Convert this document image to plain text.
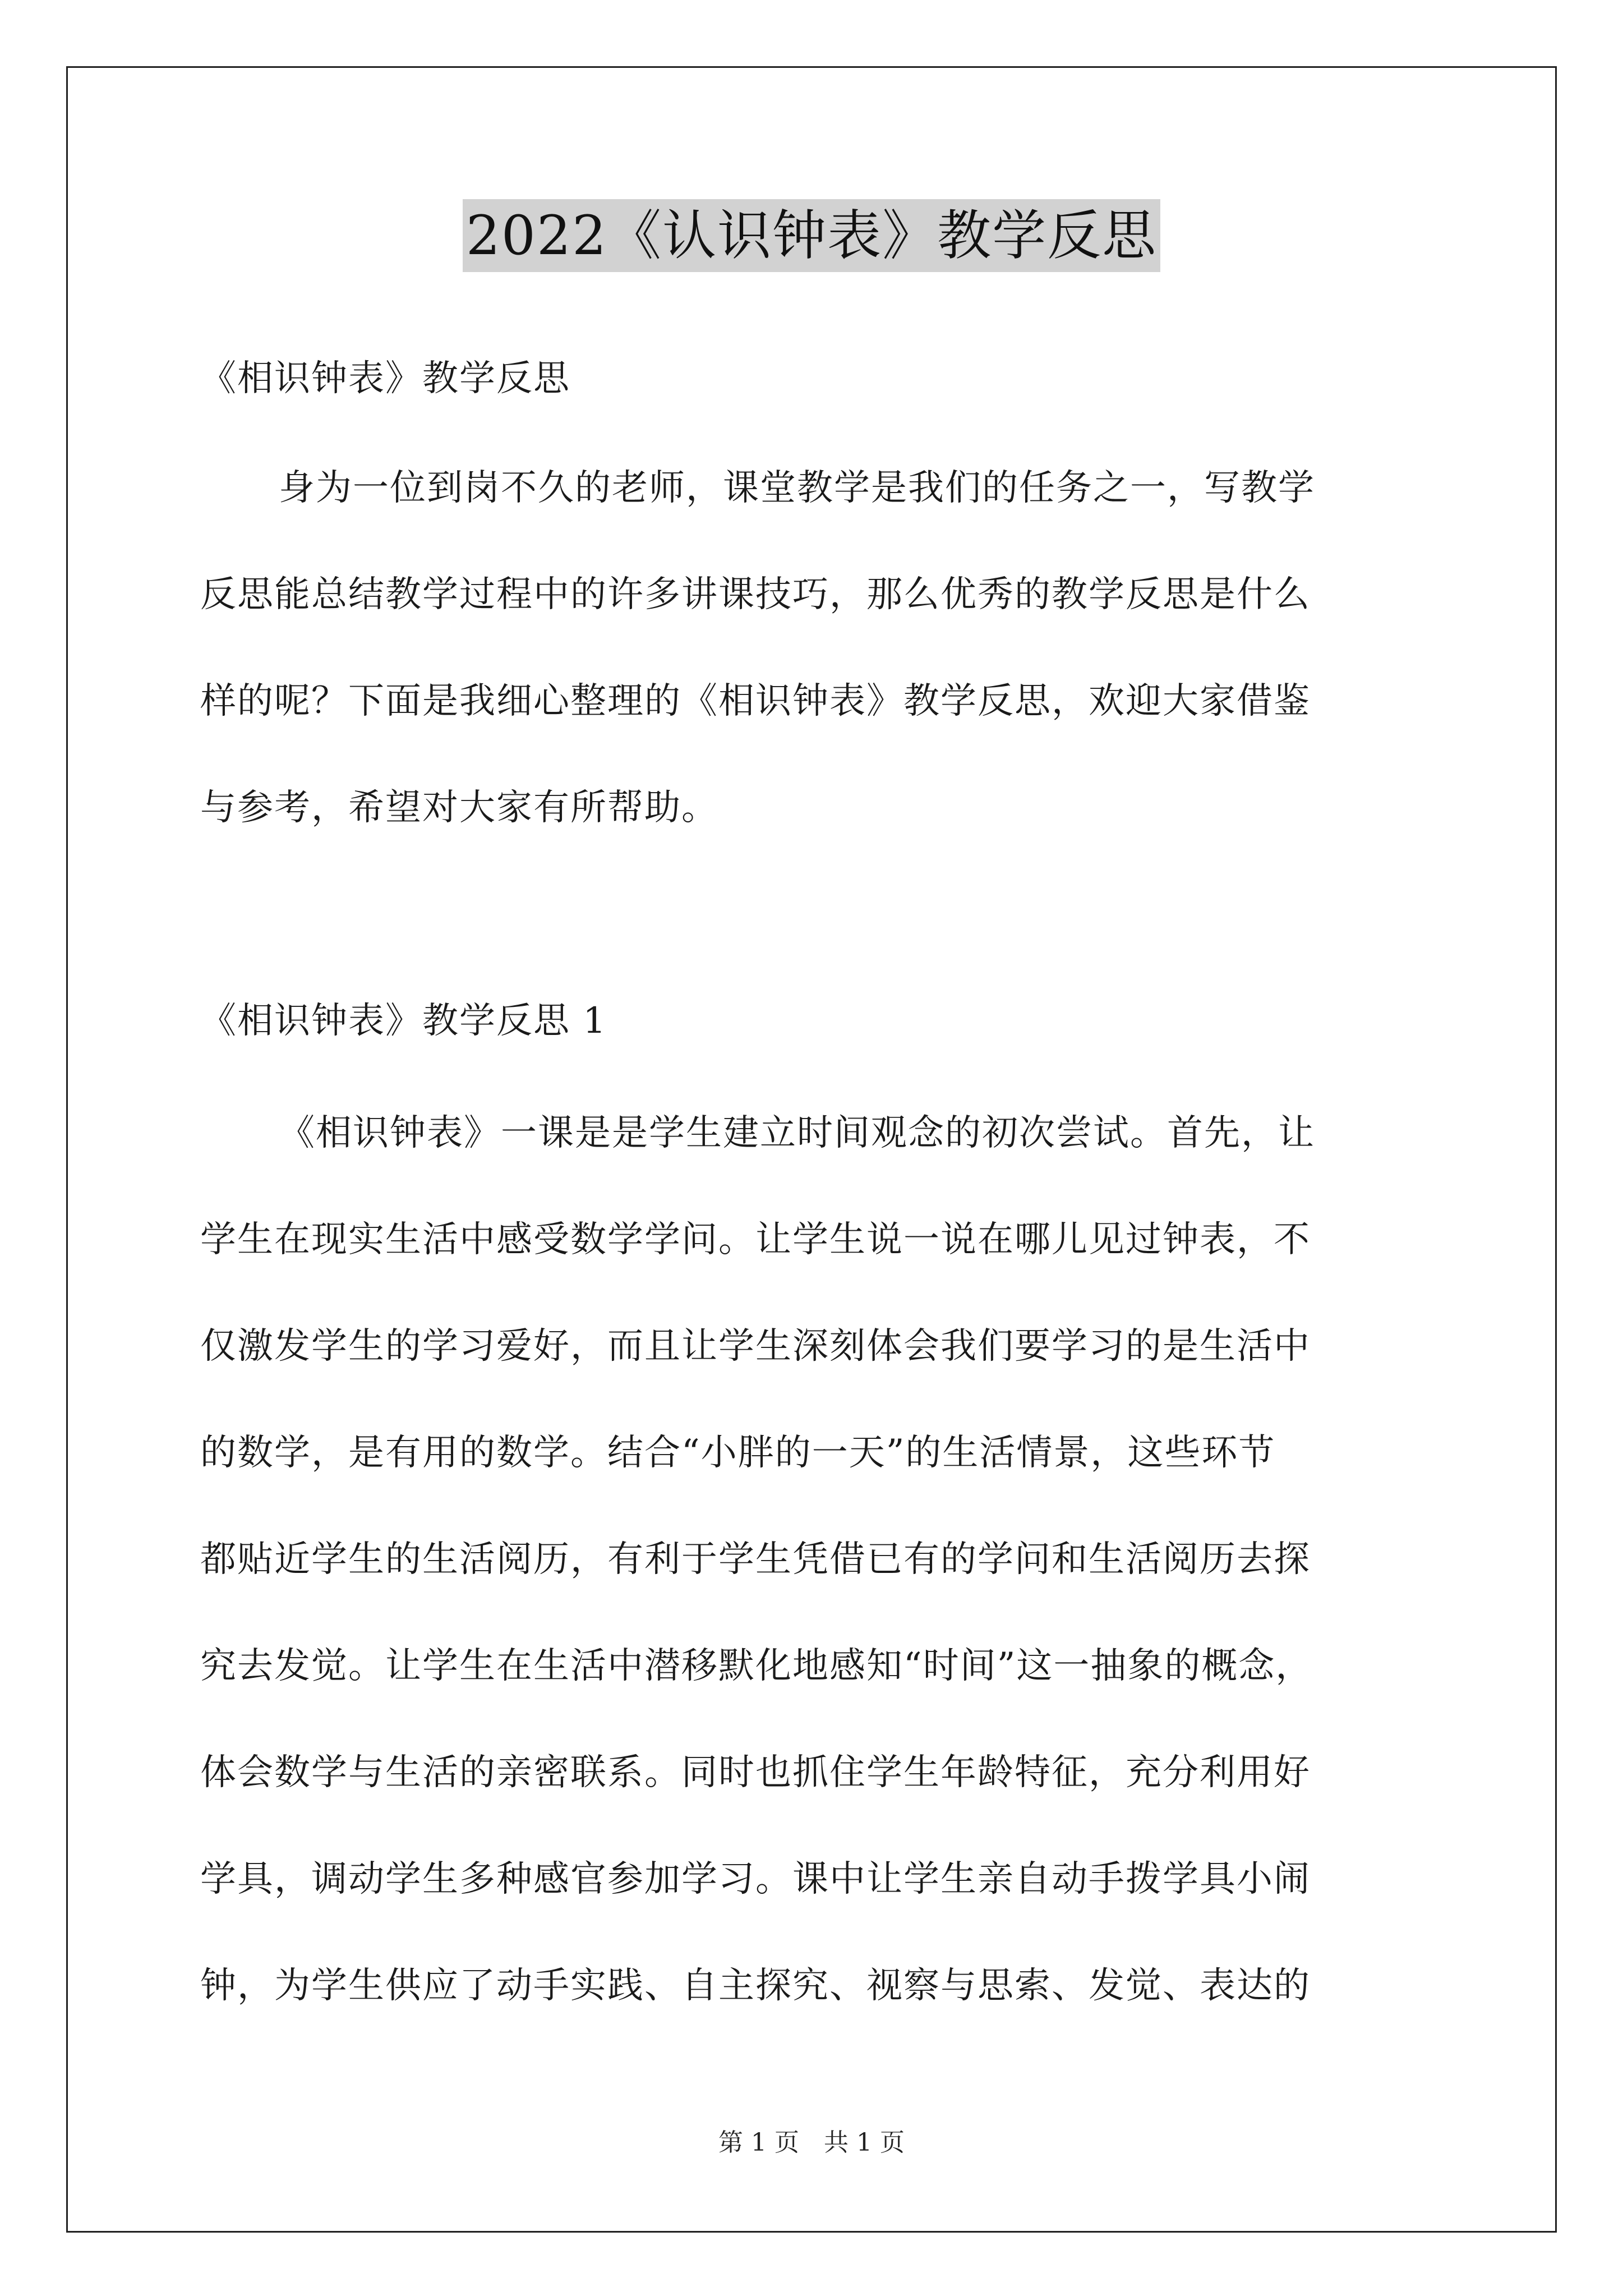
2022《认识钟表》教学反思
《相识钟表》教学反思
身为一位到岗不久的老师，课堂教学是我们的任务之一，写教学
反思能总结教学过程中的许多讲课技巧，那么优秀的教学反思是什么
样的呢？下面是我细心整理的《相识钟表》教学反思，欢迎大家借鉴
与参考，希望对大家有所帮助。
《相识钟表》教学反思 1
《相识钟表》一课是是学生建立时间观念的初次尝试。首先，让
学生在现实生活中感受数学学问。让学生说一说在哪儿见过钟表，不
仅激发学生的学习爱好，而且让学生深刻体会我们要学习的是生活中
的数学，是有用的数学。结合“小胖的一天”的生活情景，这些环节
都贴近学生的生活阅历，有利于学生凭借已有的学问和生活阅历去探
究去发觉。让学生在生活中潜移默化地感知“时间”这一抽象的概念，
体会数学与生活的亲密联系。同时也抓住学生年龄特征，充分利用好
学具，调动学生多种感官参加学习。课中让学生亲自动手拨学具小闹
钟，为学生供应了动手实践、自主探究、视察与思索、发觉、表达的
第 1 页　共 1 页
